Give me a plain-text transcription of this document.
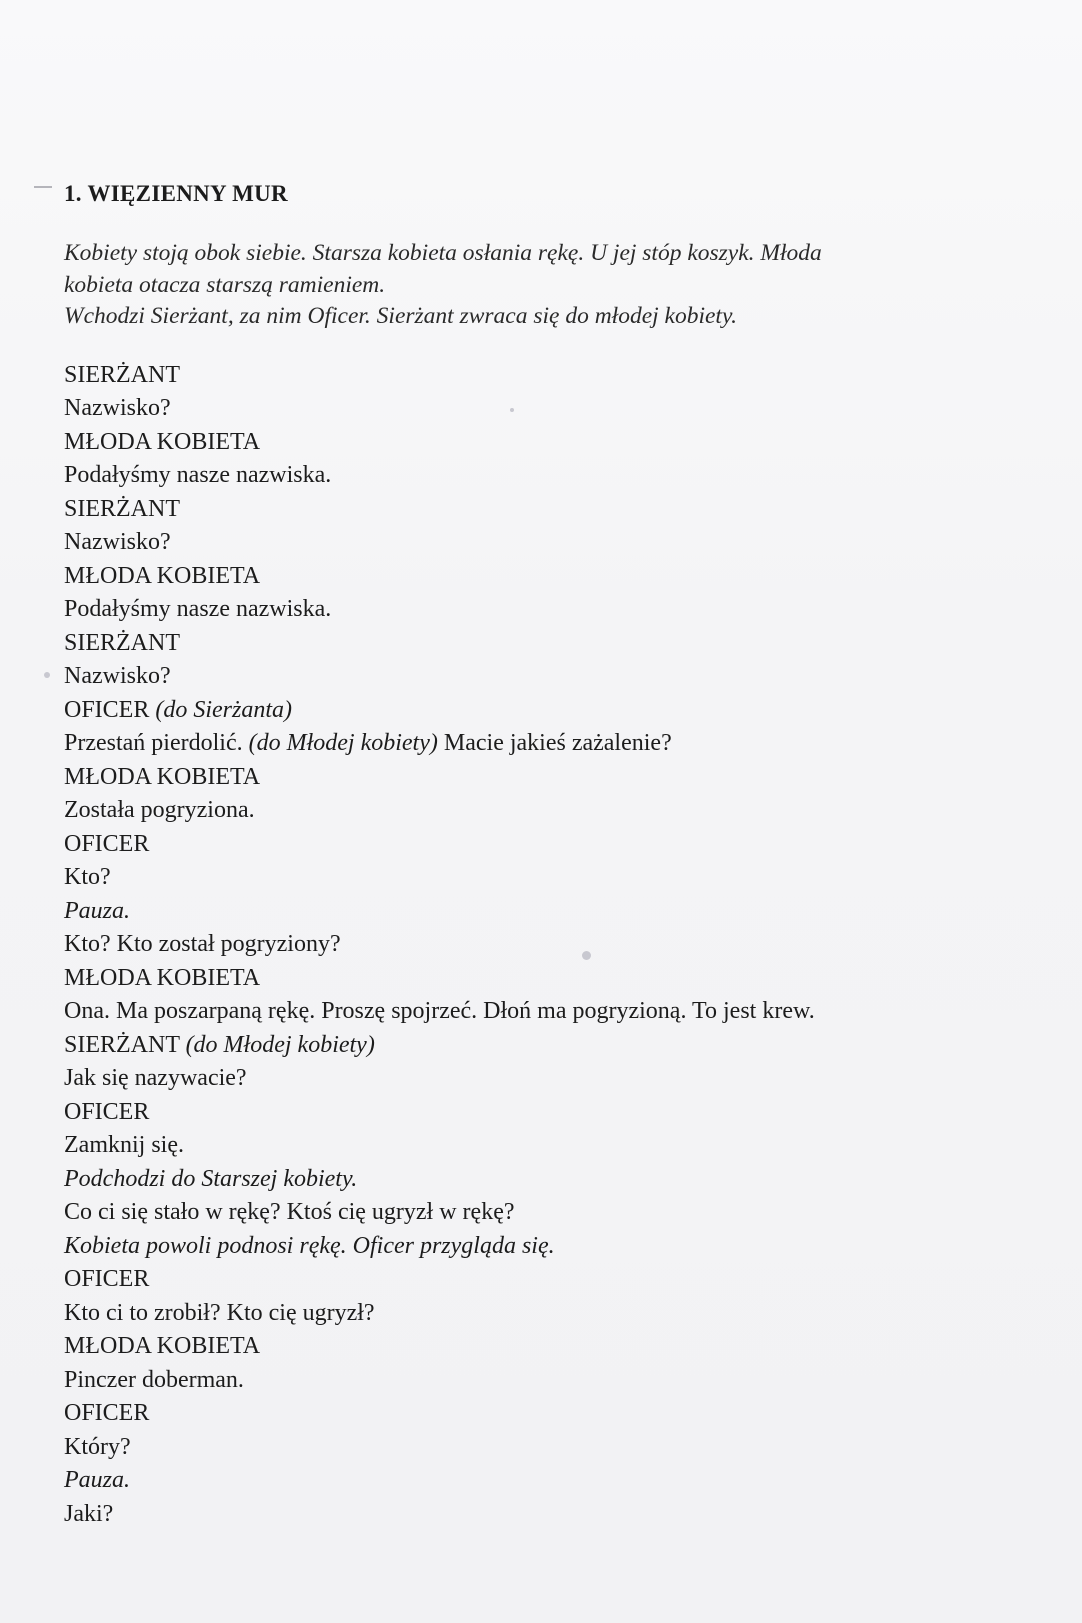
1. WIĘZIENNY MUR

Kobiety stoją obok siebie. Starsza kobieta osłania rękę. U jej stóp koszyk. Młoda

kobieta otacza starszą ramieniem.

Wchodzi Sierżant, za nim Oficer. Sierżant zwraca się do młodej kobiety.

SIERŻANT

Nazwisko?

MŁODA KOBIETA

Podałyśmy nasze nazwiska.

SIERŻANT

Nazwisko?

MŁODA KOBIETA

Podałyśmy nasze nazwiska.

SIERŻANT

Nazwisko?

OFICER (do Sierżanta)

Przestań pierdolić. (do Młodej kobiety) Macie jakieś zażalenie?

MŁODA KOBIETA

Została pogryziona.

OFICER

Kto?

Pauza.

Kto? Kto został pogryziony?

MŁODA KOBIETA

Ona. Ma poszarpaną rękę. Proszę spojrzeć. Dłoń ma pogryzioną. To jest krew.

SIERŻANT (do Młodej kobiety)

Jak się nazywacie?

OFICER

Zamknij się.

Podchodzi do Starszej kobiety.

Co ci się stało w rękę? Ktoś cię ugryzł w rękę?

Kobieta powoli podnosi rękę. Oficer przygląda się.

OFICER

Kto ci to zrobił? Kto cię ugryzł?

MŁODA KOBIETA

Pinczer doberman.

OFICER

Który?

Pauza.

Jaki?
